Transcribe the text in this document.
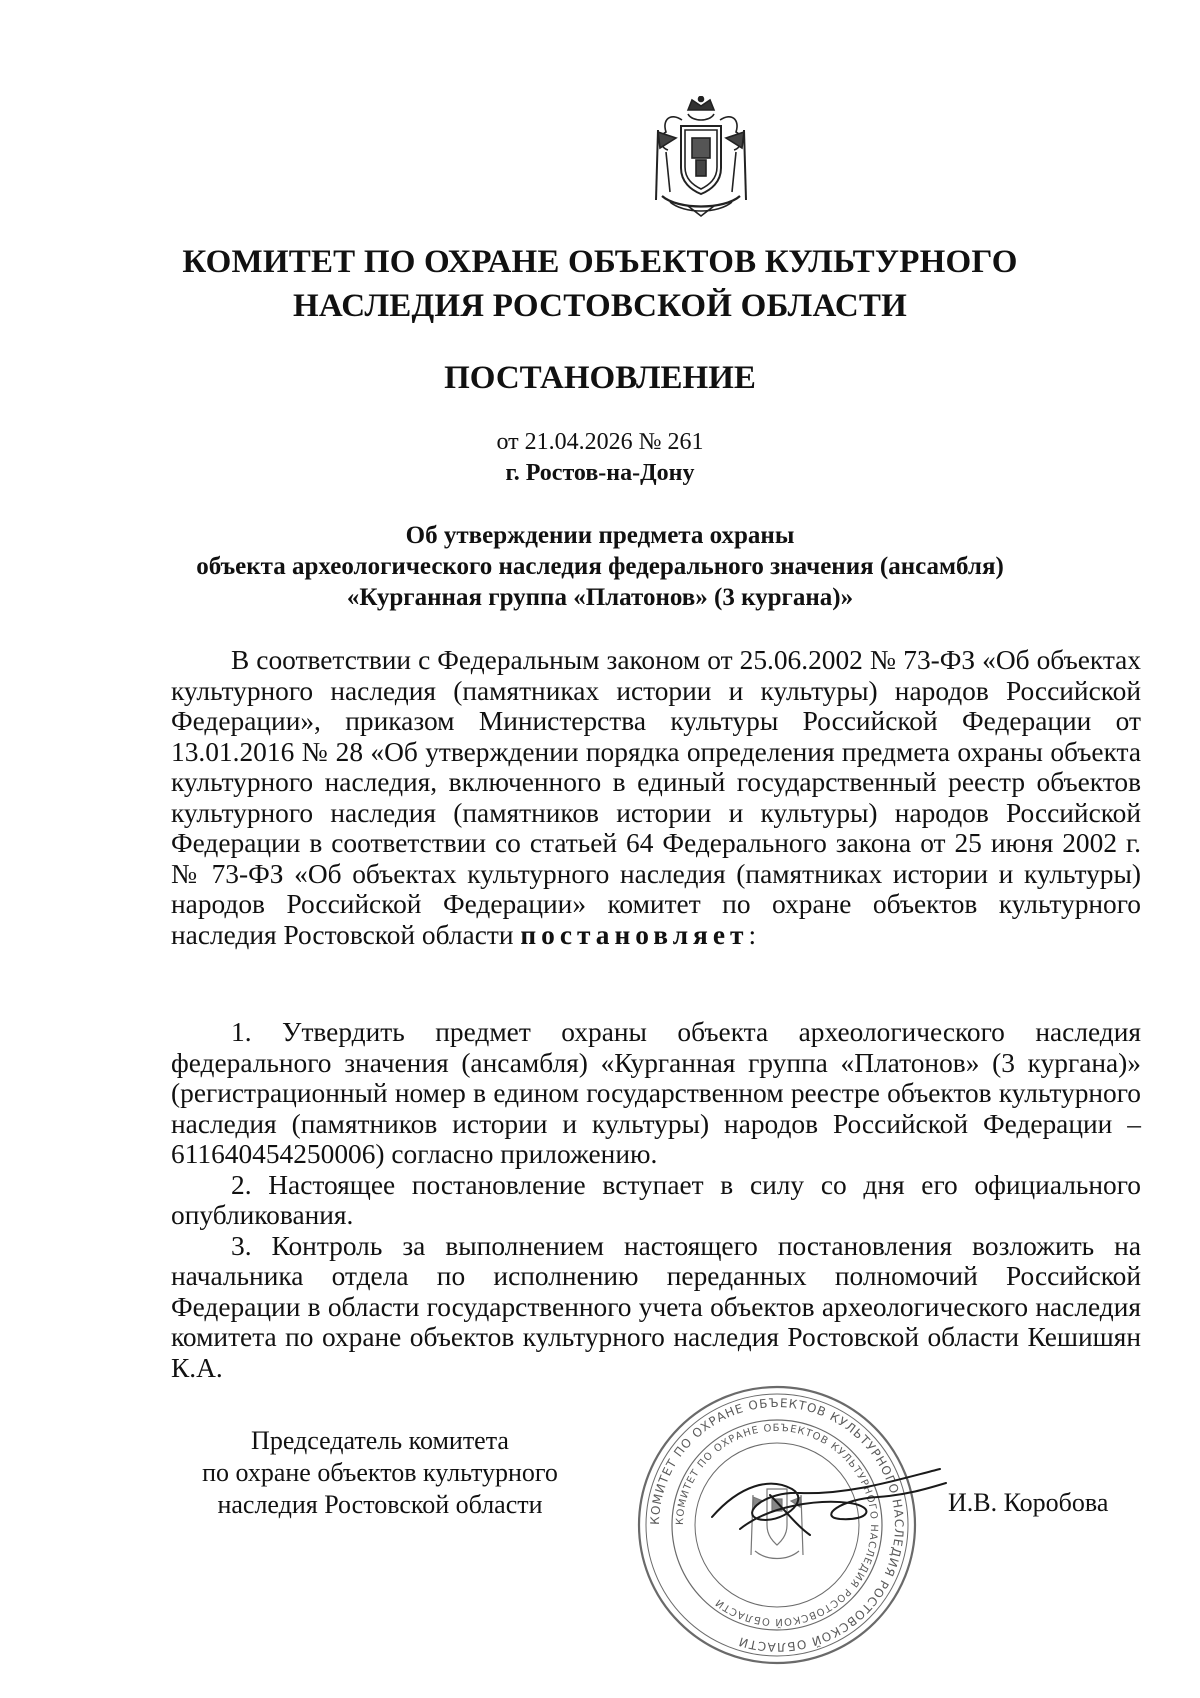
КОМИТЕТ ПО ОХРАНЕ ОБЪЕКТОВ КУЛЬТУРНОГО
НАСЛЕДИЯ РОСТОВСКОЙ ОБЛАСТИ
ПОСТАНОВЛЕНИЕ
от 21.04.2026 № 261
г. Ростов-на-Дону
Об утверждении предмета охраны
объекта археологического наследия федерального значения (ансамбля)
«Курганная группа «Платонов» (3 кургана)»

В соответствии с Федеральным законом от 25.06.2002 № 73-ФЗ «Об объектах культурного наследия (памятниках истории и культуры) народов Российской Федерации», приказом Министерства культуры Российской Федерации от 13.01.2016 № 28 «Об утверждении порядка определения предмета охраны объекта культурного наследия, включенного в единый государственный реестр объектов культурного наследия (памятников истории и культуры) народов Российской Федерации в соответствии со статьей 64 Федерального закона от 25 июня 2002 г. № 73-ФЗ «Об объектах культурного наследия (памятниках истории и культуры) народов Российской Федерации» комитет по охране объектов культурного наследия Ростовской области постановляет:

1. Утвердить предмет охраны объекта археологического наследия федерального значения (ансамбля) «Курганная группа «Платонов» (3 кургана)» (регистрационный номер в едином государственном реестре объектов культурного наследия (памятников истории и культуры) народов Российской Федерации – 611640454250006) согласно приложению.

2. Настоящее постановление вступает в силу со дня его официального опубликования.

3. Контроль за выполнением настоящего постановления возложить на начальника отдела по исполнению переданных полномочий Российской Федерации в области государственного учета объектов археологического наследия комитета по охране объектов культурного наследия Ростовской области Кешишян К.А.

Председатель комитета
по охране объектов культурного
наследия Ростовской области
КОМИТЕТ ПО ОХРАНЕ ОБЪЕКТОВ КУЛЬТУРНОГО НАСЛЕДИЯ РОСТОВСКОЙ ОБЛАСТИ
КОМИТЕТ ПО ОХРАНЕ ОБЪЕКТОВ КУЛЬТУРНОГО НАСЛЕДИЯ РОСТОВСКОЙ ОБЛАСТИ
И.В. Коробова
